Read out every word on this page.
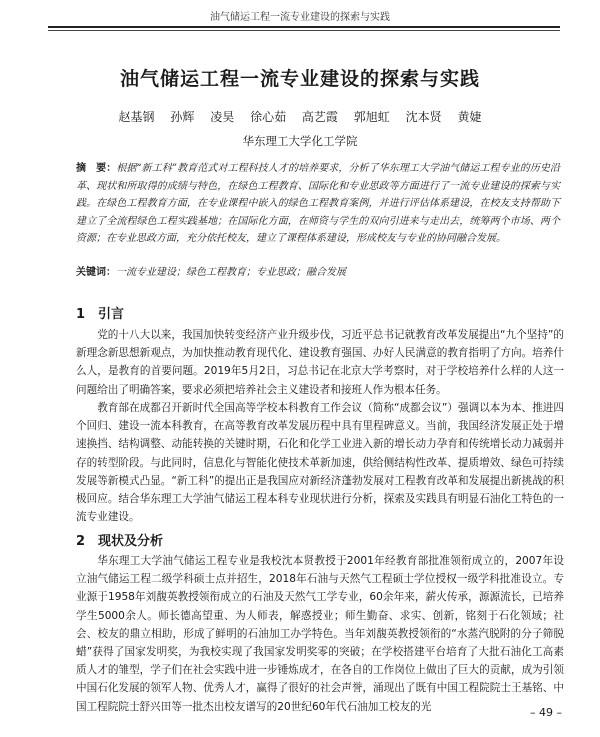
油气储运工程一流专业建设的探索与实践
油气储运工程一流专业建设的探索与实践
赵基钢 孙辉 凌昊 徐心茹 高艺霞 郭旭虹 沈本贤 黄婕
华东理工大学化工学院

摘　要：根据“新工科”教育范式对工程科技人才的培养要求，分析了华东理工大学油气储运工程专业的历史沿革、现状和所取得的成绩与特色，在绿色工程教育、国际化和专业思政等方面进行了一流专业建设的探索与实践。在绿色工程教育方面，在专业课程中嵌入的绿色工程教育案例，并进行评估体系建设，在校友支持帮助下建立了全流程绿色工程实践基地；在国际化方面，在师资与学生的双向引进来与走出去，统筹两个市场、两个资源；在专业思政方面，充分依托校友，建立了课程体系建设，形成校友与专业的协同融合发展。

关键词：一流专业建设；绿色工程教育；专业思政；融合发展

1 引言

党的十八大以来，我国加快转变经济产业升级步伐，习近平总书记就教育改革发展提出“九个坚持”的新理念新思想新观点，为加快推动教育现代化、建设教育强国、办好人民满意的教育指明了方向。培养什么人，是教育的首要问题。2019年5月2日，习总书记在北京大学考察时，对于学校培养什么样的人这一问题给出了明确答案，要求必须把培养社会主义建设者和接班人作为根本任务。

教育部在成都召开新时代全国高等学校本科教育工作会议（简称“成都会议”）强调以本为本、推进四个回归、建设一流本科教育，在高等教育改革发展历程中具有里程碑意义。当前，我国经济发展正处于增速换挡、结构调整、动能转换的关键时期，石化和化学工业进入新的增长动力孕育和传统增长动力减弱并存的转型阶段。与此同时，信息化与智能化使技术革新加速，供给侧结构性改革、提质增效、绿色可持续发展等新模式凸显。“新工科”的提出正是我国应对新经济蓬勃发展对工程教育改革和发展提出新挑战的积极回应。结合华东理工大学油气储运工程本科专业现状进行分析，探索及实践具有明显石油化工特色的一流专业建设。

2 现状及分析

华东理工大学油气储运工程专业是我校沈本贤教授于2001年经教育部批准领衔成立的，2007年设立油气储运工程二级学科硕士点并招生，2018年石油与天然气工程硕士学位授权一级学科批准设立。专业源于1958年刘馥英教授领衔成立的石油及天然气工学专业，60余年来，薪火传承，源源流长，已培养学生5000余人。师长德高望重、为人师表，解惑授业；师生勤奋、求实、创新，铭刻于石化领域；社会、校友的鼎立相助，形成了鲜明的石油加工办学特色。当年刘馥英教授领衔的“水蒸汽脱附的分子筛脱蜡”获得了国家发明奖，为我校实现了我国家发明奖零的突破；在学校搭建平台培育了大批石油化工高素质人才的雏型，学子们在社会实践中进一步锤炼成才，在各自的工作岗位上做出了巨大的贡献，成为引领中国石化发展的领军人物、优秀人才，赢得了很好的社会声誉，涌现出了既有中国工程院院士王基铭、中国工程院院士舒兴田等一批杰出校友谱写的20世纪60年代石油加工校友的光	– 49 –
